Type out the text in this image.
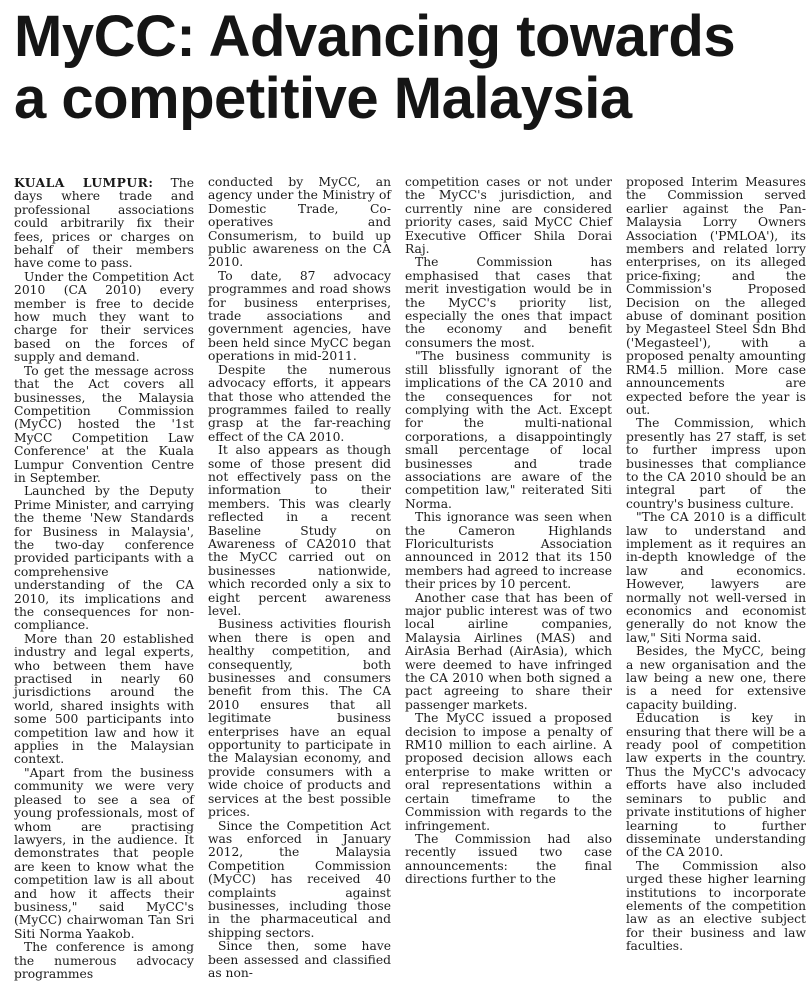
MyCC: Advancing towards
a competitive Malaysia

KUALA LUMPUR: The days where trade and professional associations could arbitrarily fix their fees, prices or charges on behalf of their members have come to pass.

Under the Competition Act 2010 (CA 2010) every member is free to decide how much they want to charge for their services based on the forces of supply and demand.

To get the message across that the Act covers all businesses, the Malaysia Competition Commission (MyCC) hosted the '1st MyCC Competition Law Conference' at the Kuala Lumpur Convention Centre in September.

Launched by the Deputy Prime Minister, and carrying the theme 'New Standards for Business in Malaysia', the two-day conference provided participants with a comprehensive understanding of the CA 2010, its implications and the consequences for non-compliance.

More than 20 established industry and legal experts, who between them have practised in nearly 60 jurisdictions around the world, shared insights with some 500 participants into competition law and how it applies in the Malaysian context.

"Apart from the business community we were very pleased to see a sea of young professionals, most of whom are practising lawyers, in the audience. It demonstrates that people are keen to know what the competition law is all about and how it affects their business," said MyCC's (MyCC) chairwoman Tan Sri Siti Norma Yaakob.

The conference is among the numerous advocacy programmes

conducted by MyCC, an agency under the Ministry of Domestic Trade, Co-operatives and Consumerism, to build up public awareness on the CA 2010.

To date, 87 advocacy programmes and road shows for business enterprises, trade associations and government agencies, have been held since MyCC began operations in mid-2011.

Despite the numerous advocacy efforts, it appears that those who attended the programmes failed to really grasp at the far-reaching effect of the CA 2010.

It also appears as though some of those present did not effectively pass on the information to their members. This was clearly reflected in a recent Baseline Study on Awareness of CA2010 that the MyCC carried out on businesses nationwide, which recorded only a six to eight percent awareness level.

Business activities flourish when there is open and healthy competition, and consequently, both businesses and consumers benefit from this. The CA 2010 ensures that all legitimate business enterprises have an equal opportunity to participate in the Malaysian economy, and provide consumers with a wide choice of products and services at the best possible prices.

Since the Competition Act was enforced in January 2012, the Malaysia Competition Commission (MyCC) has received 40 complaints against businesses, including those in the pharmaceutical and shipping sectors.

Since then, some have been assessed and classified as non-

competition cases or not under the MyCC's jurisdiction, and currently nine are considered priority cases, said MyCC Chief Executive Officer Shila Dorai Raj.

The Commission has emphasised that cases that merit investigation would be in the MyCC's priority list, especially the ones that impact the economy and benefit consumers the most.

"The business community is still blissfully ignorant of the implications of the CA 2010 and the consequences for not complying with the Act. Except for the multi-national corporations, a disappointingly small percentage of local businesses and trade associations are aware of the competition law," reiterated Siti Norma.

This ignorance was seen when the Cameron Highlands Floriculturists Association announced in 2012 that its 150 members had agreed to increase their prices by 10 percent.

Another case that has been of major public interest was of two local airline companies, Malaysia Airlines (MAS) and AirAsia Berhad (AirAsia), which were deemed to have infringed the CA 2010 when both signed a pact agreeing to share their passenger markets.

The MyCC issued a proposed decision to impose a penalty of RM10 million to each airline. A proposed decision allows each enterprise to make written or oral representations within a certain timeframe to the Commission with regards to the infringement.

The Commission had also recently issued two case announcements: the final directions further to the

proposed Interim Measures the Commission served earlier against the Pan-Malaysia Lorry Owners Association ('PMLOA'), its members and related lorry enterprises, on its alleged price-fixing; and the Commission's Proposed Decision on the alleged abuse of dominant position by Megasteel Steel Sdn Bhd ('Megasteel'), with a proposed penalty amounting RM4.5 million. More case announcements are expected before the year is out.

The Commission, which presently has 27 staff, is set to further impress upon businesses that compliance to the CA 2010 should be an integral part of the country's business culture.

"The CA 2010 is a difficult law to understand and implement as it requires an in-depth knowledge of the law and economics. However, lawyers are normally not well-versed in economics and economist generally do not know the law," Siti Norma said.

Besides, the MyCC, being a new organisation and the law being a new one, there is a need for extensive capacity building.

Education is key in ensuring that there will be a ready pool of competition law experts in the country. Thus the MyCC's advocacy efforts have also included seminars to public and private institutions of higher learning to further disseminate understanding of the CA 2010.

The Commission also urged these higher learning institutions to incorporate elements of the competition law as an elective subject for their business and law faculties.
